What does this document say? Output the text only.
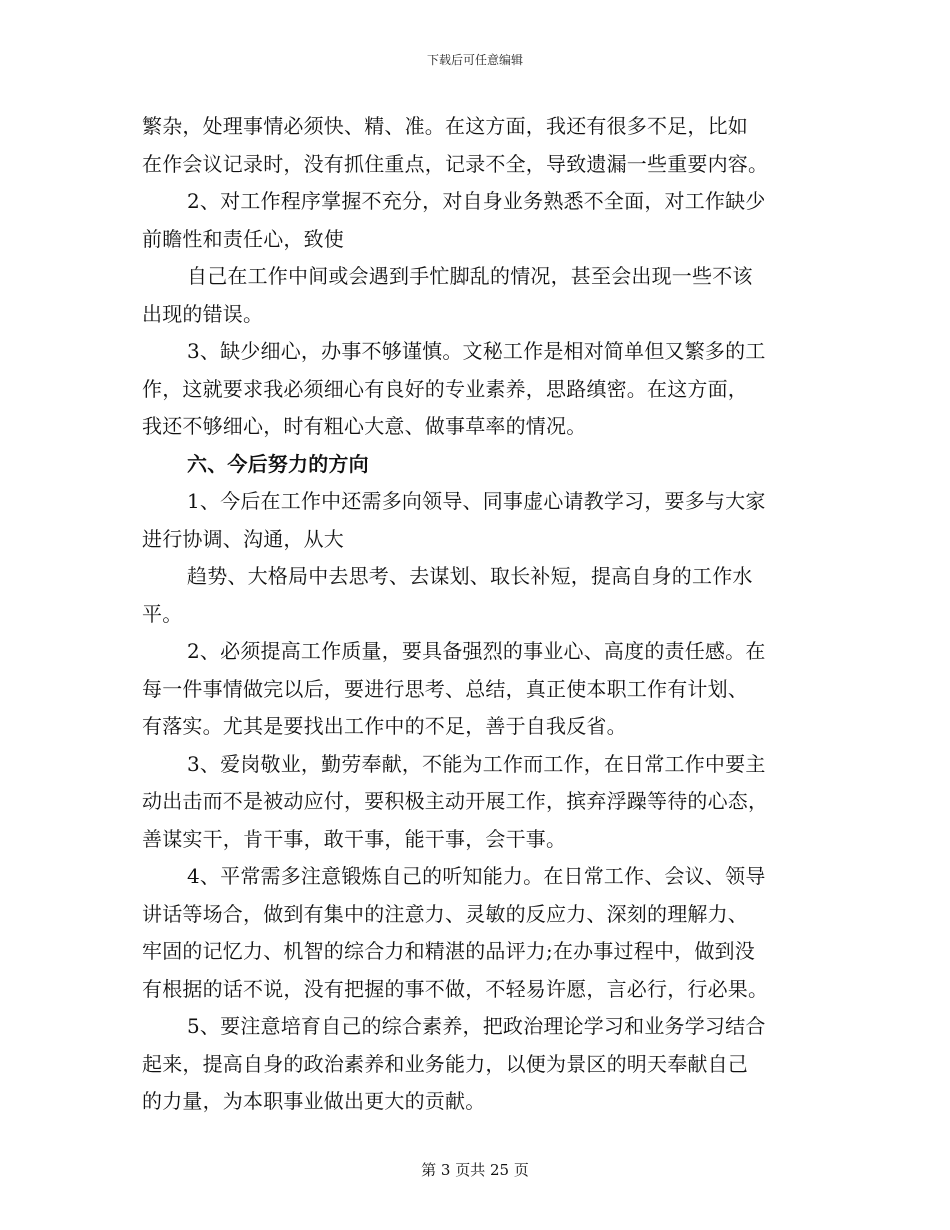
下载后可任意编辑
繁杂，处理事情必须快、精、准。在这方面，我还有很多不足，比如
在作会议记录时，没有抓住重点，记录不全，导致遗漏一些重要内容。
2、对工作程序掌握不充分，对自身业务熟悉不全面，对工作缺少
前瞻性和责任心，致使
自己在工作中间或会遇到手忙脚乱的情况，甚至会出现一些不该
出现的错误。
3、缺少细心，办事不够谨慎。文秘工作是相对简单但又繁多的工
作，这就要求我必须细心有良好的专业素养，思路缜密。在这方面，
我还不够细心，时有粗心大意、做事草率的情况。
六、今后努力的方向
1、今后在工作中还需多向领导、同事虚心请教学习，要多与大家
进行协调、沟通，从大
趋势、大格局中去思考、去谋划、取长补短，提高自身的工作水
平。
2、必须提高工作质量，要具备强烈的事业心、高度的责任感。在
每一件事情做完以后，要进行思考、总结，真正使本职工作有计划、
有落实。尤其是要找出工作中的不足，善于自我反省。
3、爱岗敬业，勤劳奉献，不能为工作而工作，在日常工作中要主
动出击而不是被动应付，要积极主动开展工作，摈弃浮躁等待的心态，
善谋实干，肯干事，敢干事，能干事，会干事。
4、平常需多注意锻炼自己的听知能力。在日常工作、会议、领导
讲话等场合，做到有集中的注意力、灵敏的反应力、深刻的理解力、
牢固的记忆力、机智的综合力和精湛的品评力;在办事过程中，做到没
有根据的话不说，没有把握的事不做，不轻易许愿，言必行，行必果。
5、要注意培育自己的综合素养，把政治理论学习和业务学习结合
起来，提高自身的政治素养和业务能力，以便为景区的明天奉献自己
的力量，为本职事业做出更大的贡献。
第 3 页共 25 页
